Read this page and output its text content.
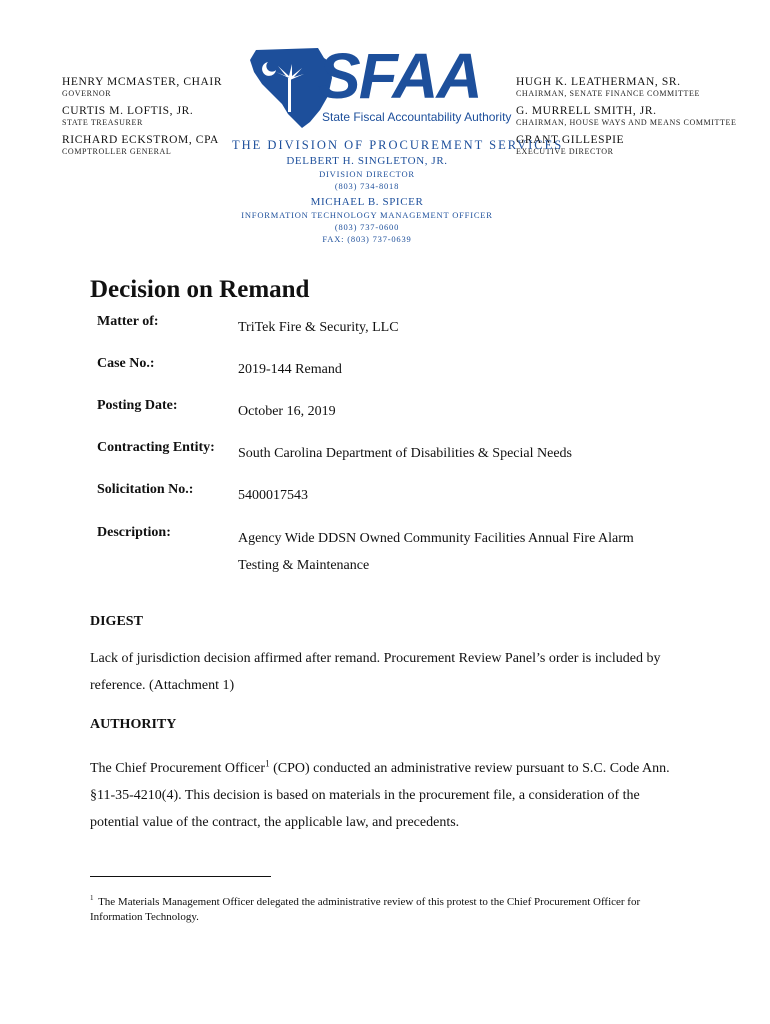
HENRY MCMASTER, CHAIR
GOVERNOR
CURTIS M. LOFTIS, JR.
STATE TREASURER
RICHARD ECKSTROM, CPA
COMPTROLLER GENERAL
HUGH K. LEATHERMAN, SR.
CHAIRMAN, SENATE FINANCE COMMITTEE
G. MURRELL SMITH, JR.
CHAIRMAN, HOUSE WAYS AND MEANS COMMITTEE
GRANT GILLESPIE
EXECUTIVE DIRECTOR
SFAA
State Fiscal Accountability Authority
THE DIVISION OF PROCUREMENT SERVICES
DELBERT H. SINGLETON, JR.
DIVISION DIRECTOR
(803) 734-8018
MICHAEL B. SPICER
INFORMATION TECHNOLOGY MANAGEMENT OFFICER
(803) 737-0600
FAX: (803) 737-0639
Decision on Remand
Matter of:	TriTek Fire & Security, LLC
Case No.:	2019-144 Remand
Posting Date:	October 16, 2019
Contracting Entity: South Carolina Department of Disabilities & Special Needs
Solicitation No.:	5400017543
Description:	Agency Wide DDSN Owned Community Facilities Annual Fire Alarm Testing & Maintenance
DIGEST
Lack of jurisdiction decision affirmed after remand. Procurement Review Panel’s order is included by reference. (Attachment 1)
AUTHORITY
The Chief Procurement Officer$^1$ (CPO) conducted an administrative review pursuant to S.C. Code Ann. §11-35-4210(4). This decision is based on materials in the procurement file, a consideration of the potential value of the contract, the applicable law, and precedents.
$^1$ The Materials Management Officer delegated the administrative review of this protest to the Chief Procurement Officer for Information Technology.
